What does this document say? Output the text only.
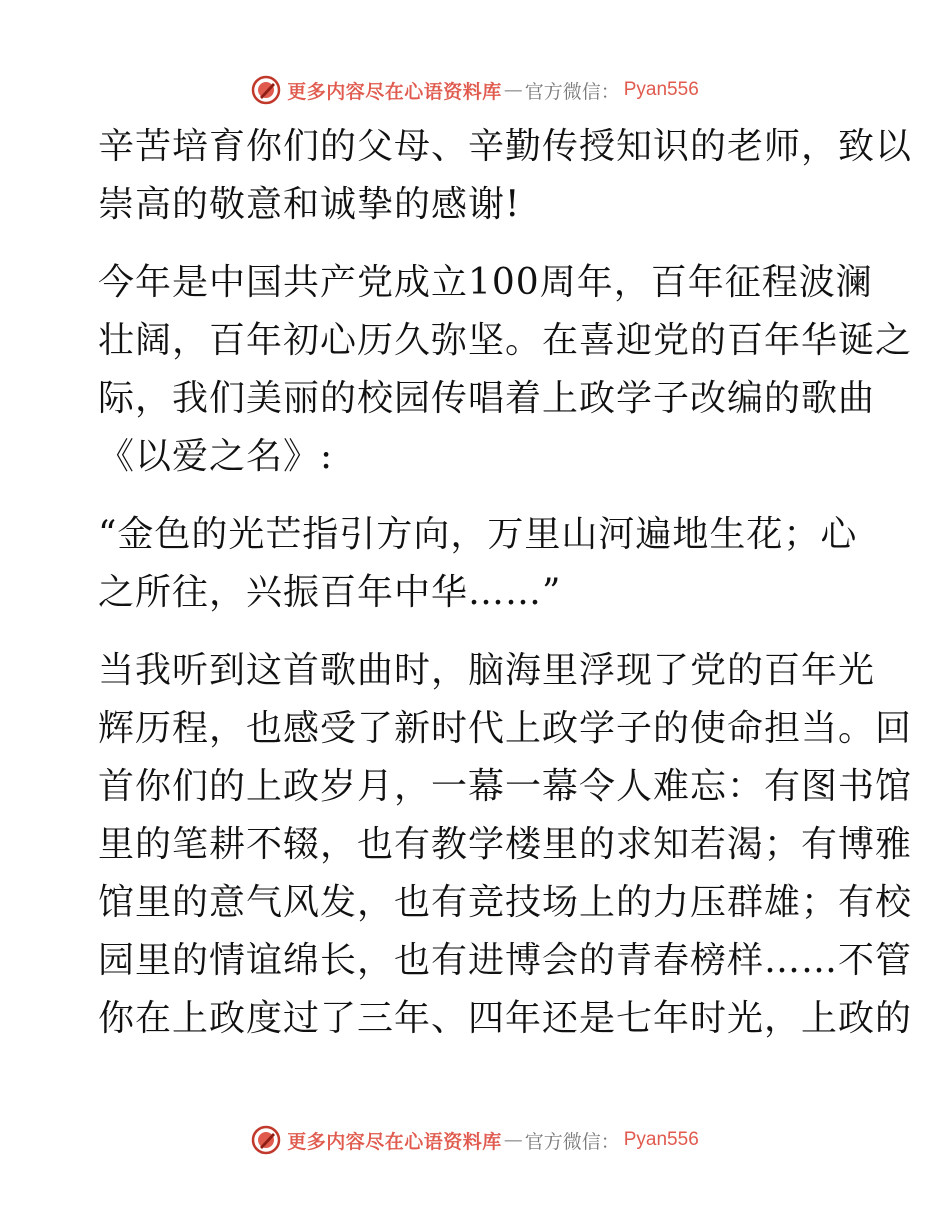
更多内容尽在心语资料库 — 官方微信： Pyan556
辛苦培育你们的父母、辛勤传授知识的老师，致以
崇高的敬意和诚挚的感谢!
今年是中国共产党成立100周年，百年征程波澜
壮阔，百年初心历久弥坚。在喜迎党的百年华诞之
际，我们美丽的校园传唱着上政学子改编的歌曲
《以爱之名》:
“金色的光芒指引方向，万里山河遍地生花；心
之所往，兴振百年中华……”
当我听到这首歌曲时，脑海里浮现了党的百年光
辉历程，也感受了新时代上政学子的使命担当。回
首你们的上政岁月，一幕一幕令人难忘：有图书馆
里的笔耕不辍，也有教学楼里的求知若渴；有博雅
馆里的意气风发，也有竞技场上的力压群雄；有校
园里的情谊绵长，也有进博会的青春榜样……不管
你在上政度过了三年、四年还是七年时光，上政的
更多内容尽在心语资料库 — 官方微信： Pyan556
